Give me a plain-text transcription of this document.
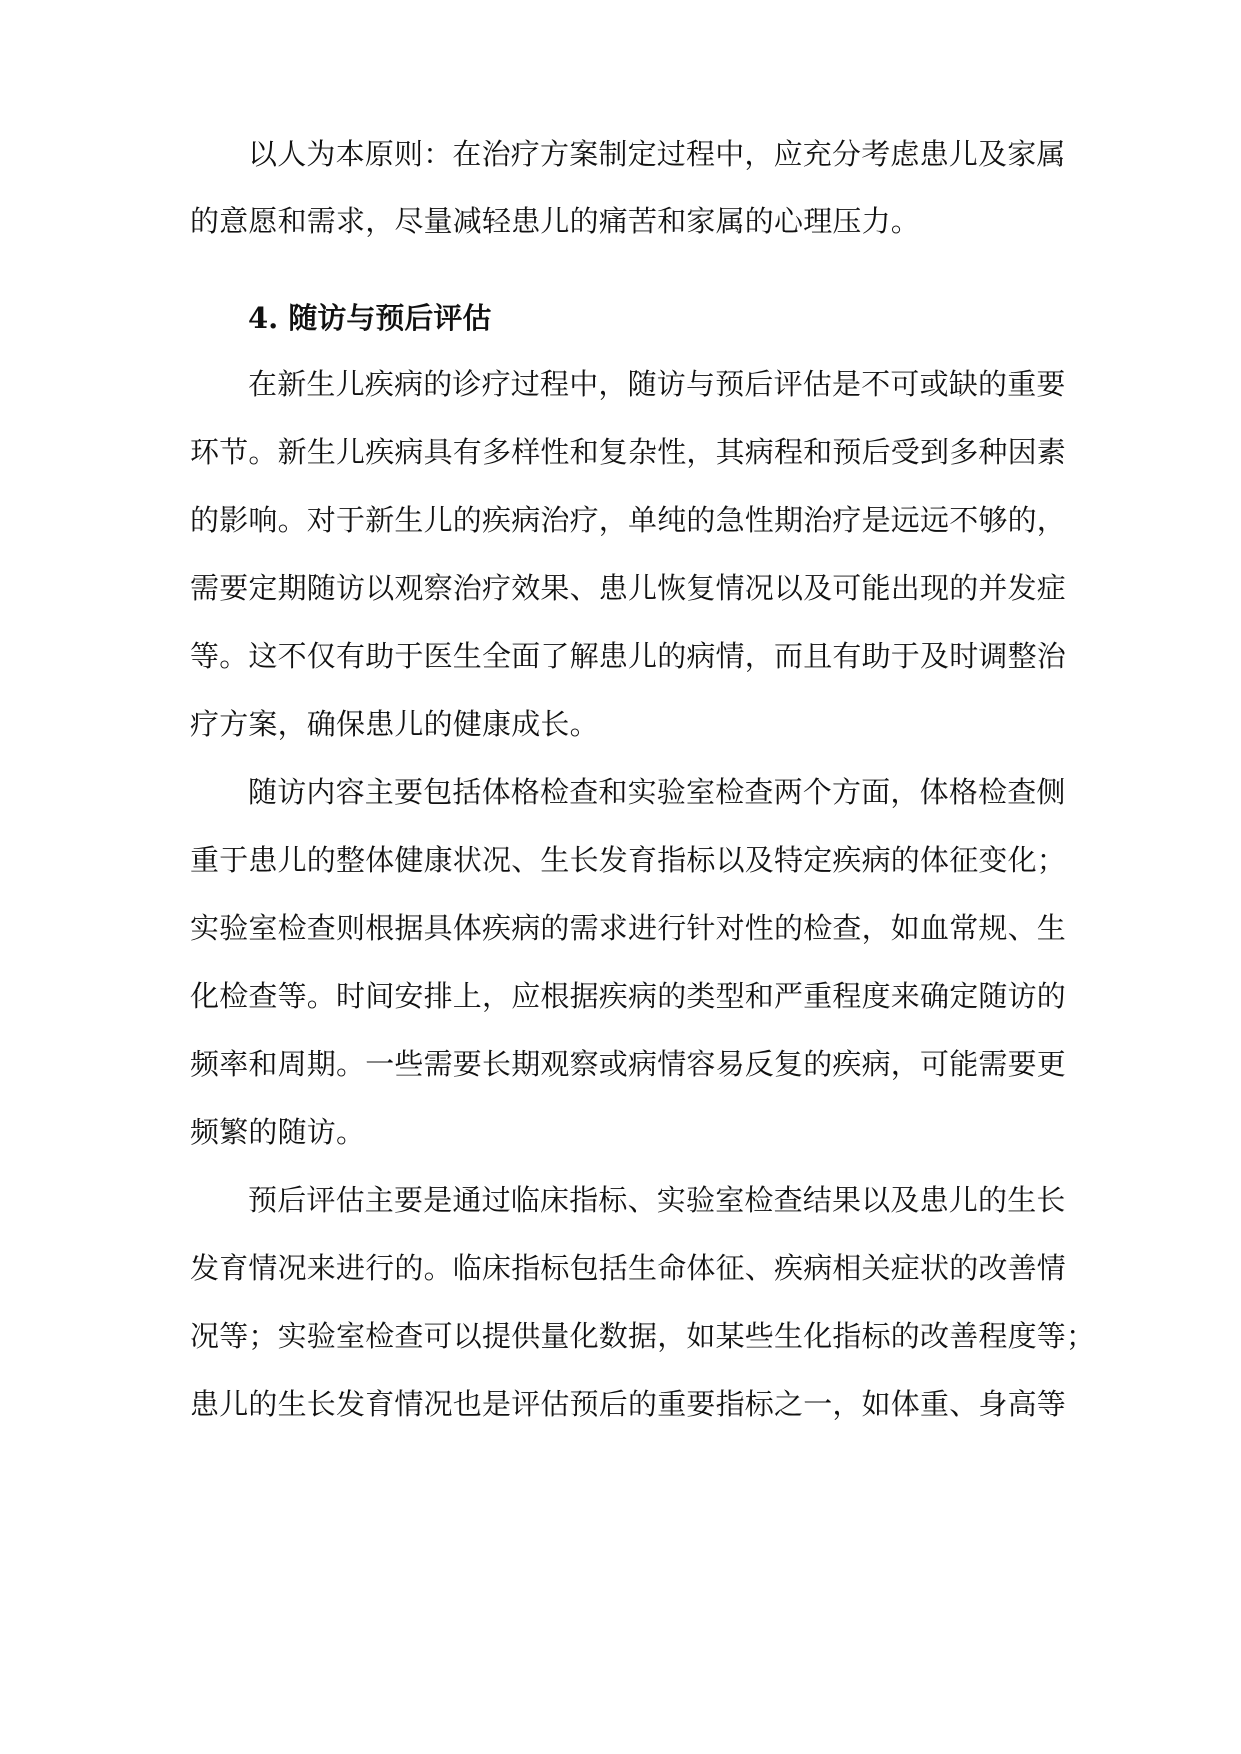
以人为本原则：在治疗方案制定过程中，应充分考虑患儿及家属
的意愿和需求，尽量减轻患儿的痛苦和家属的心理压力。
4. 随访与预后评估
在新生儿疾病的诊疗过程中，随访与预后评估是不可或缺的重要
环节。新生儿疾病具有多样性和复杂性，其病程和预后受到多种因素
的影响。对于新生儿的疾病治疗，单纯的急性期治疗是远远不够的，
需要定期随访以观察治疗效果、患儿恢复情况以及可能出现的并发症
等。这不仅有助于医生全面了解患儿的病情，而且有助于及时调整治
疗方案，确保患儿的健康成长。
随访内容主要包括体格检查和实验室检查两个方面，体格检查侧
重于患儿的整体健康状况、生长发育指标以及特定疾病的体征变化；
实验室检查则根据具体疾病的需求进行针对性的检查，如血常规、生
化检查等。时间安排上，应根据疾病的类型和严重程度来确定随访的
频率和周期。一些需要长期观察或病情容易反复的疾病，可能需要更
频繁的随访。
预后评估主要是通过临床指标、实验室检查结果以及患儿的生长
发育情况来进行的。临床指标包括生命体征、疾病相关症状的改善情
况等；实验室检查可以提供量化数据，如某些生化指标的改善程度等；
患儿的生长发育情况也是评估预后的重要指标之一，如体重、身高等
